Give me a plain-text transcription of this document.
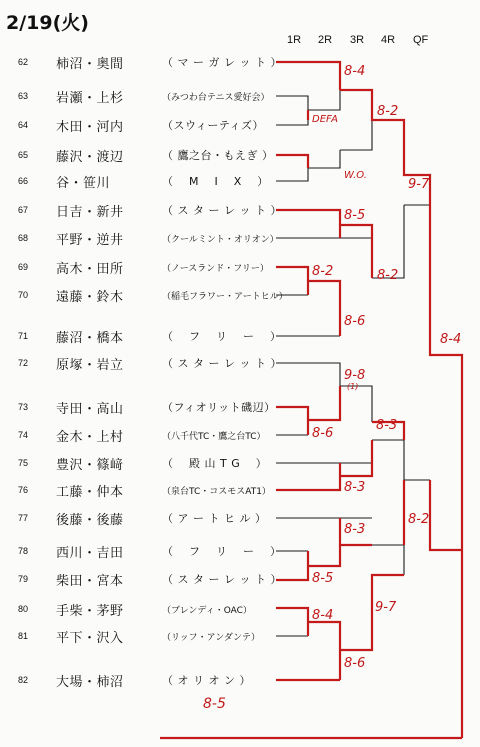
2/19(火)
1R 2R 3R 4R QF
62	柿沼・奥間	（ マ ー ガ レ ッ ト ）
63	岩瀬・上杉	（みつわ台テニス愛好会）
64	木田・河内	（スウィーティズ）
65	藤沢・渡辺	（ 鷹之台・もえぎ ）
66	谷・笹川	（ 　M　 I 　X 　）
67	日吉・新井	（ ス タ ー レ ッ ト ）
68	平野・逆井	（クールミント・オリオン）
69	高木・田所	（ノースランド・フリー）
70	遠藤・鈴木	（稲毛フラワー・アートヒル）
71	藤沼・橋本	（　 フ　 リ　 ー　 ）
72	原塚・岩立	（ ス タ ー レ ッ ト ）
73	寺田・高山	（フィオリット磯辺）
74	金木・上村	（八千代TC・鷹之台TC）
75	豊沢・篠﨑	（　 殿 山 T G 　）
76	工藤・仲本	（泉台TC・コスモスAT1）
77	後藤・後藤	（ ア ー ト ヒ ル ）
78	西川・吉田	（　 フ　 リ　 ー　 ）
79	柴田・宮本	（ ス タ ー レ ッ ト ）
80	手柴・茅野	（ブレンディ・OAC）
81	平下・沢入	（リッフ・アンダンテ）
82	大場・柿沼	（ オ リ オ ン ）
8-4
DEFA
8-2
W.O.
9-7
8-5
8-2	8-2
8-6
9-8
(1)
8-4
8-3
8-6
8-3
8-2
8-3
8-5
9-7
8-4
8-6
8-5
